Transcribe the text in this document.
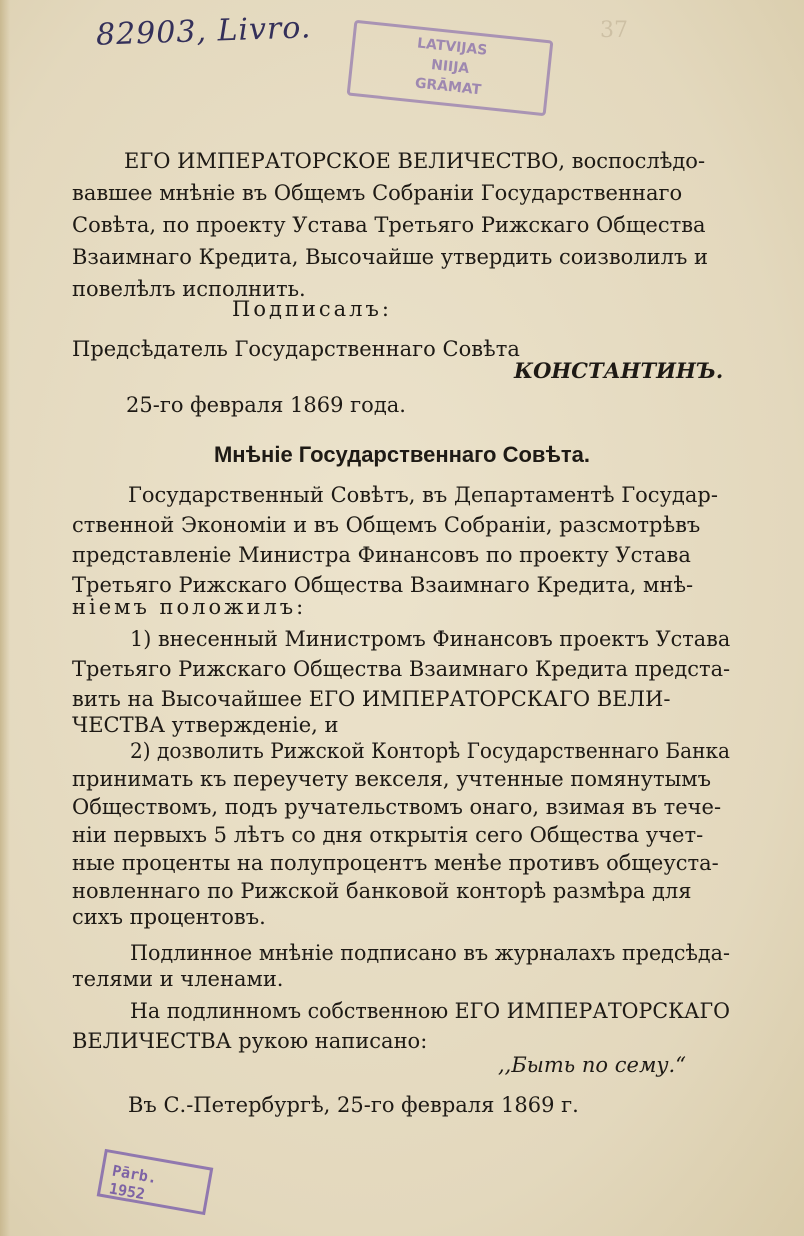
82903, Livro.	37
LATVIJAS
NIIJA
GRĀMAT
ЕГО ИМПЕРАТОРСКОЕ ВЕЛИЧЕСТВО, воспослѣдо-
вавшее мнѣніе въ Общемъ Собраніи Государственнаго
Совѣта, по проекту Устава Третьяго Рижскаго Общества
Взаимнаго Кредита, Высочайше утвердить соизволилъ и
повелѣлъ исполнить.
Подписалъ:
Предсѣдатель Государственнаго Совѣта
КОНСТАНТИНЪ.
25-го февраля 1869 года.
Мнѣніе Государственнаго Совѣта.
Государственный Совѣтъ, въ Департаментѣ Государ-
ственной Экономіи и въ Общемъ Собраніи, разсмотрѣвъ
представленіе Министра Финансовъ по проекту Устава
Третьяго Рижскаго Общества Взаимнаго Кредита, мнѣ-
ніемъ положилъ:
1) внесенный Министромъ Финансовъ проектъ Устава
Третьяго Рижскаго Общества Взаимнаго Кредита предста-
вить на Высочайшее ЕГО ИМПЕРАТОРСКАГО ВЕЛИ-
ЧЕСТВА утвержденіе, и
2) дозволить Рижской Конторѣ Государственнаго Банка
принимать къ переучету векселя, учтенные помянутымъ
Обществомъ, подъ ручательствомъ онаго, взимая въ тече-
ніи первыхъ 5 лѣтъ со дня открытія сего Общества учет-
ные проценты на полупроцентъ менѣе противъ общеуста-
новленнаго по Рижской банковой конторѣ размѣра для
сихъ процентовъ.
Подлинное мнѣніе подписано въ журналахъ предсѣда-
телями и членами.
На подлинномъ собственною ЕГО ИМПЕРАТОРСКАГО
ВЕЛИЧЕСТВА рукою написано:
,,Быть по сему.“
Въ С.-Петербургѣ, 25-го февраля 1869 г.
Pārb. 1952
